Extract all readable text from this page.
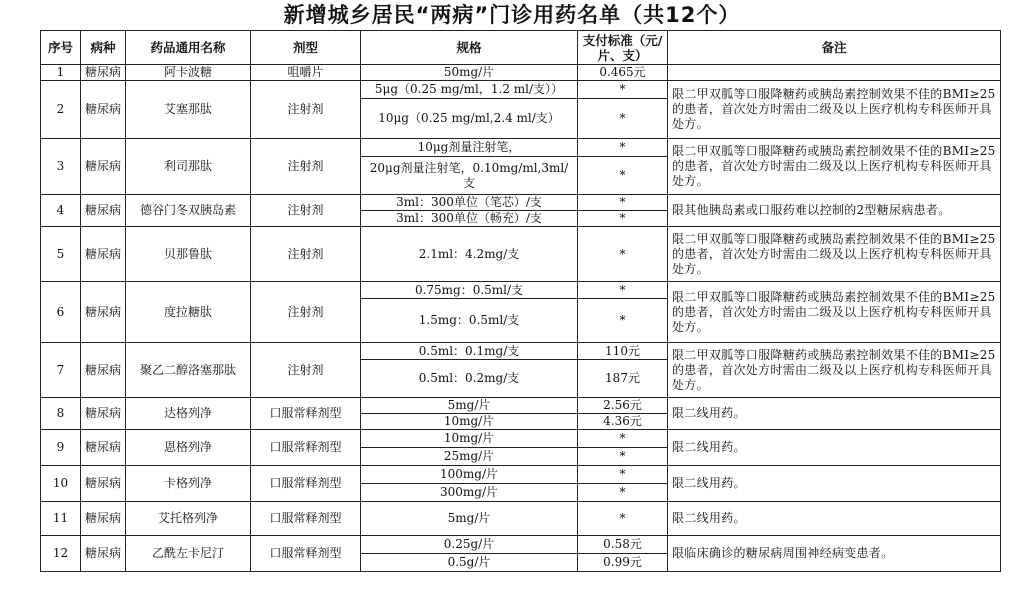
新增城乡居民“两病”门诊用药名单（共12个）
序号	病种	药品通用名称	剂型	规格	支付标准（元/片、支）	备注
1	糖尿病	阿卡波糖	咀嚼片	50mg/片	0.465元	
2	糖尿病	艾塞那肽	注射剂	5μg（0.25 mg/ml，1.2 ml/支））	*	限二甲双胍等口服降糖药或胰岛素控制效果不佳的BMI≥25的患者，首次处方时需由二级及以上医疗机构专科医师开具处方。
				10μg（0.25 mg/ml,2.4 ml/支）	*	
3	糖尿病	利司那肽	注射剂	10μg剂量注射笔，	*	限二甲双胍等口服降糖药或胰岛素控制效果不佳的BMI≥25的患者，首次处方时需由二级及以上医疗机构专科医师开具处方。
				20μg剂量注射笔，0.10mg/ml,3ml/支	*	
4	糖尿病	德谷门冬双胰岛素	注射剂	3ml：300单位（笔芯）/支	*	限其他胰岛素或口服药难以控制的2型糖尿病患者。
				3ml：300单位（畅充）/支	*	
5	糖尿病	贝那鲁肽	注射剂	2.1ml：4.2mg/支	*	限二甲双胍等口服降糖药或胰岛素控制效果不佳的BMI≥25的患者，首次处方时需由二级及以上医疗机构专科医师开具处方。
6	糖尿病	度拉糖肽	注射剂	0.75mg：0.5ml/支	*	限二甲双胍等口服降糖药或胰岛素控制效果不佳的BMI≥25的患者，首次处方时需由二级及以上医疗机构专科医师开具处方。
				1.5mg：0.5ml/支	*	
7	糖尿病	聚乙二醇洛塞那肽	注射剂	0.5ml：0.1mg/支	110元	限二甲双胍等口服降糖药或胰岛素控制效果不佳的BMI≥25的患者，首次处方时需由二级及以上医疗机构专科医师开具处方。
				0.5ml：0.2mg/支	187元	
8	糖尿病	达格列净	口服常释剂型	5mg/片	2.56元	限二线用药。
				10mg/片	4.36元	
9	糖尿病	恩格列净	口服常释剂型	10mg/片	*	限二线用药。
				25mg/片	*	
10	糖尿病	卡格列净	口服常释剂型	100mg/片	*	限二线用药。
				300mg/片	*	
11	糖尿病	艾托格列净	口服常释剂型	5mg/片	*	限二线用药。
12	糖尿病	乙酰左卡尼汀	口服常释剂型	0.25g/片	0.58元	限临床确诊的糖尿病周围神经病变患者。
				0.5g/片	0.99元	
